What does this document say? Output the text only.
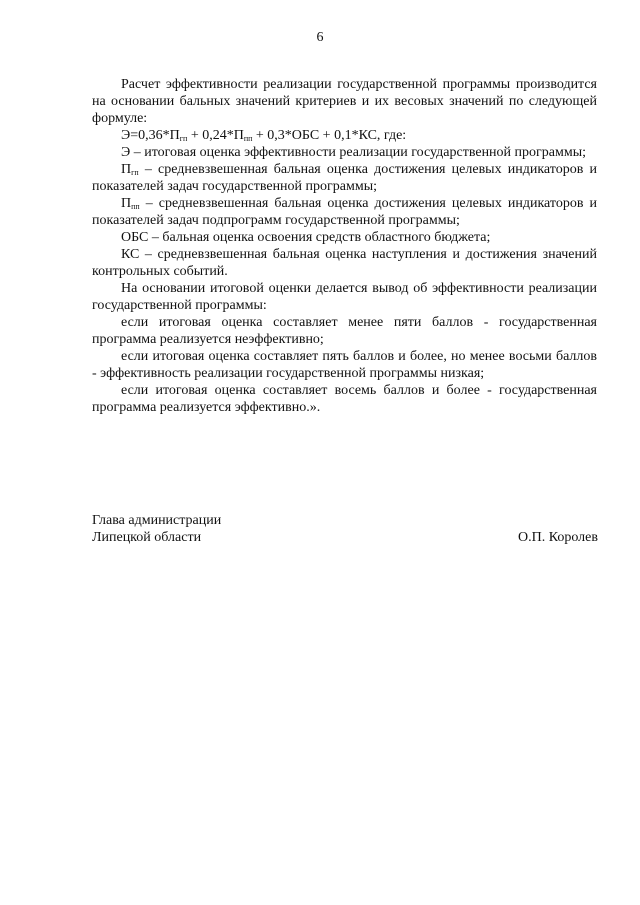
6

Расчет эффективности реализации государственной программы производится на основании бальных значений критериев и их весовых значений по следующей формуле:

$Э=0,36*П_{гп} + 0,24*П_{пп} + 0,3*ОБС + 0,1*КС$, где:

Э – итоговая оценка эффективности реализации государственной программы;

$П_{гп}$ – средневзвешенная бальная оценка достижения целевых индикаторов и показателей задач государственной программы;

$П_{пп}$ – средневзвешенная бальная оценка достижения целевых индикаторов и показателей задач подпрограмм государственной программы;

ОБС – бальная оценка освоения средств областного бюджета;

КС – средневзвешенная бальная оценка наступления и достижения значений контрольных событий.

На основании итоговой оценки делается вывод об эффективности реализации государственной программы:

если итоговая оценка составляет менее пяти баллов - государственная программа реализуется неэффективно;

если итоговая оценка составляет пять баллов и более, но менее восьми баллов - эффективность реализации государственной программы низкая;

если итоговая оценка составляет восемь баллов и более - государственная программа реализуется эффективно.».

Глава администрации
Липецкой области	О.П. Королев
